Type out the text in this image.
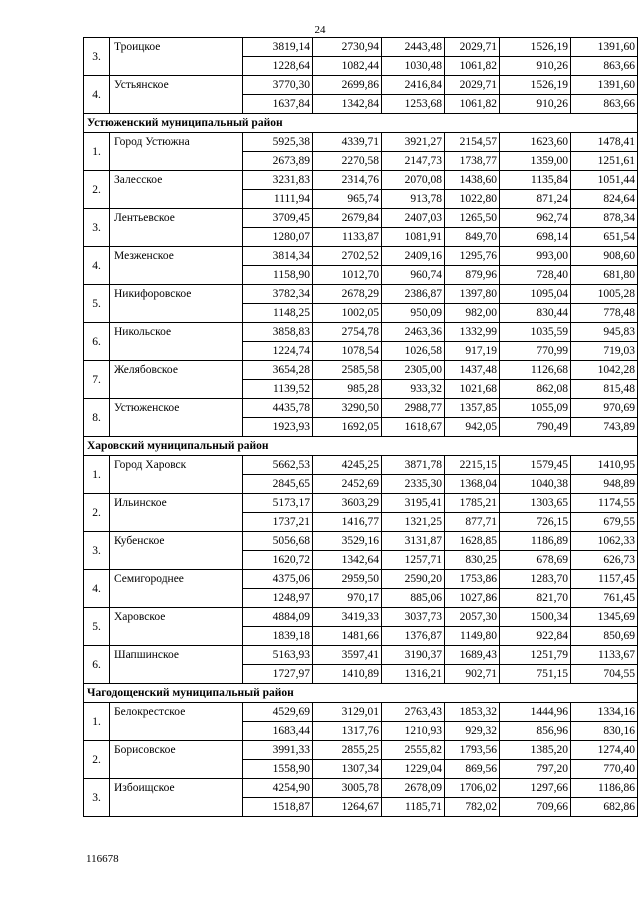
24
3.	Троицкое	3819,14	2730,94	2443,48	2029,71	1526,19	1391,60
		1228,64	1082,44	1030,48	1061,82	910,26	863,66
4.	Устьянское	3770,30	2699,86	2416,84	2029,71	1526,19	1391,60
		1637,84	1342,84	1253,68	1061,82	910,26	863,66
Устюженский муниципальный район							
1.	Город Устюжна	5925,38	4339,71	3921,27	2154,57	1623,60	1478,41
		2673,89	2270,58	2147,73	1738,77	1359,00	1251,61
2.	Залесское	3231,83	2314,76	2070,08	1438,60	1135,84	1051,44
		1111,94	965,74	913,78	1022,80	871,24	824,64
3.	Лентьевское	3709,45	2679,84	2407,03	1265,50	962,74	878,34
		1280,07	1133,87	1081,91	849,70	698,14	651,54
4.	Мезженское	3814,34	2702,52	2409,16	1295,76	993,00	908,60
		1158,90	1012,70	960,74	879,96	728,40	681,80
5.	Никифоровское	3782,34	2678,29	2386,87	1397,80	1095,04	1005,28
		1148,25	1002,05	950,09	982,00	830,44	778,48
6.	Никольское	3858,83	2754,78	2463,36	1332,99	1035,59	945,83
		1224,74	1078,54	1026,58	917,19	770,99	719,03
7.	Желябовское	3654,28	2585,58	2305,00	1437,48	1126,68	1042,28
		1139,52	985,28	933,32	1021,68	862,08	815,48
8.	Устюженское	4435,78	3290,50	2988,77	1357,85	1055,09	970,69
		1923,93	1692,05	1618,67	942,05	790,49	743,89
Харовский муниципальный район							
1.	Город Харовск	5662,53	4245,25	3871,78	2215,15	1579,45	1410,95
		2845,65	2452,69	2335,30	1368,04	1040,38	948,89
2.	Ильинское	5173,17	3603,29	3195,41	1785,21	1303,65	1174,55
		1737,21	1416,77	1321,25	877,71	726,15	679,55
3.	Кубенское	5056,68	3529,16	3131,87	1628,85	1186,89	1062,33
		1620,72	1342,64	1257,71	830,25	678,69	626,73
4.	Семигороднее	4375,06	2959,50	2590,20	1753,86	1283,70	1157,45
		1248,97	970,17	885,06	1027,86	821,70	761,45
5.	Харовское	4884,09	3419,33	3037,73	2057,30	1500,34	1345,69
		1839,18	1481,66	1376,87	1149,80	922,84	850,69
6.	Шапшинское	5163,93	3597,41	3190,37	1689,43	1251,79	1133,67
		1727,97	1410,89	1316,21	902,71	751,15	704,55
Чагодощенский муниципальный район							
1.	Белокрестское	4529,69	3129,01	2763,43	1853,32	1444,96	1334,16
		1683,44	1317,76	1210,93	929,32	856,96	830,16
2.	Борисовское	3991,33	2855,25	2555,82	1793,56	1385,20	1274,40
		1558,90	1307,34	1229,04	869,56	797,20	770,40
3.	Избоищское	4254,90	3005,78	2678,09	1706,02	1297,66	1186,86
		1518,87	1264,67	1185,71	782,02	709,66	682,86
116678
